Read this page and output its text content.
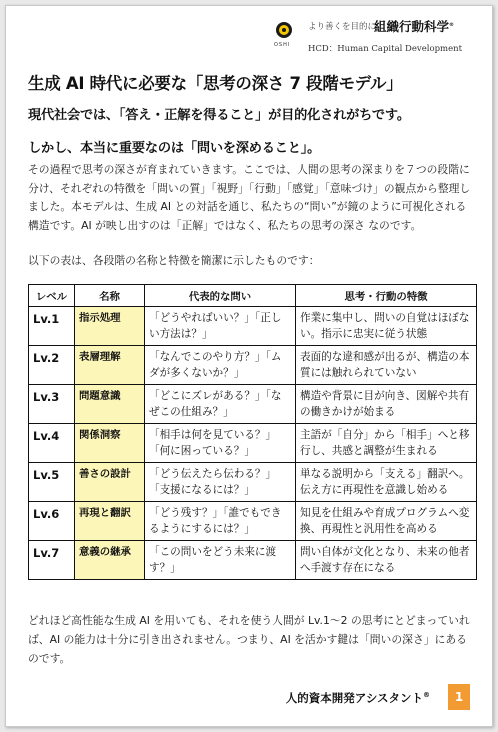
OSHI
より善くを目的に
組織行動科学®
HCD：Human Capital Development
生成 AI 時代に必要な「思考の深さ 7 段階モデル」
現代社会では、「答え・正解を得ること」が目的化されがちです。
しかし、本当に重要なのは「問いを深めること」。
その過程で思考の深さが育まれていきます。ここでは、人間の思考の深まりを７つの段階に分け、それぞれの特徴を「問いの質」「視野」「行動」「感覚」「意味づけ」の観点から整理しました。本モデルは、生成 AI との対話を通じ、私たちの“問い”が鏡のように可視化される構造です。AI が映し出すのは「正解」ではなく、私たちの思考の深さ なのです。
以下の表は、各段階の名称と特徴を簡潔に示したものです：
レベル	名称	代表的な問い	思考・行動の特徴
Lv.1	指示処理	「どうやればいい？」「正しい方法は？」	作業に集中し、問いの自覚はほぼない。指示に忠実に従う状態
Lv.2	表層理解	「なんでこのやり方？」「ムダが多くないか？」	表面的な違和感が出るが、構造の本質には触れられていない
Lv.3	問題意識	「どこにズレがある？」「なぜこの仕組み？」	構造や背景に目が向き、図解や共有の働きかけが始まる
Lv.4	関係洞察	「相手は何を見ている？」「何に困っている？」	主語が「自分」から「相手」へと移行し、共感と調整が生まれる
Lv.5	善さの設計	「どう伝えたら伝わる？」「支援になるには？」	単なる説明から「支える」翻訳へ。伝え方に再現性を意識し始める
Lv.6	再現と翻訳	「どう残す？」「誰でもできるようにするには？」	知見を仕組みや育成プログラムへ変換、再現性と汎用性を高める
Lv.7	意義の継承	「この問いをどう未来に渡す？」	問い自体が文化となり、未来の他者へ手渡す存在になる
どれほど高性能な生成 AI を用いても、それを使う人間が Lv.1～2 の思考にとどまっていれば、AI の能力は十分に引き出されません。つまり、AI を活かす鍵は「問いの深さ」にあるのです。
人的資本開発アシスタント®	1
